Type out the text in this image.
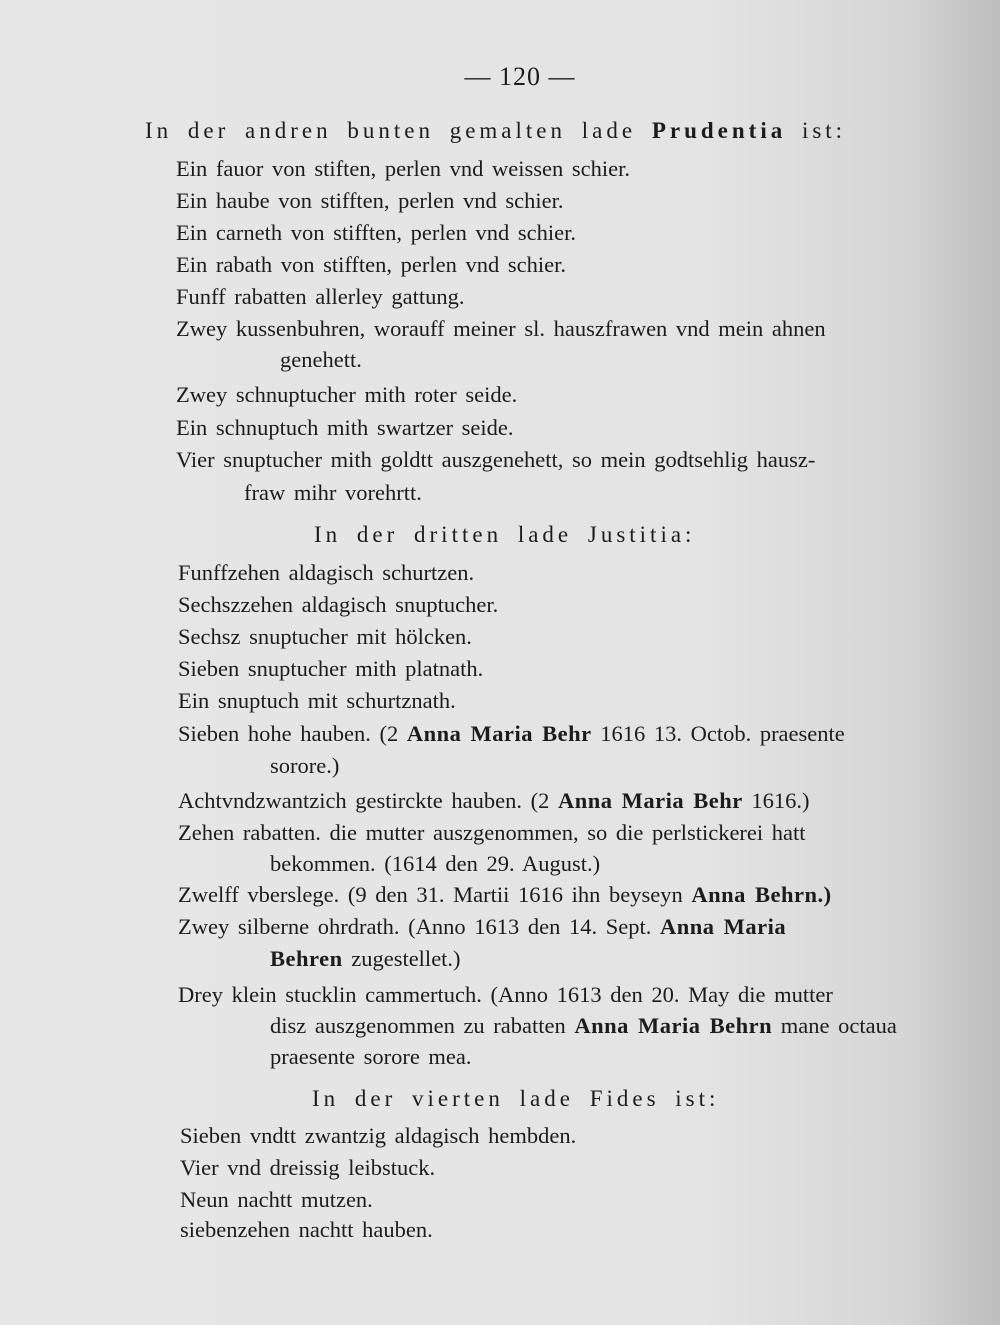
— 120 —
In der andren bunten gemalten lade Prudentia ist:
Ein fauor von stiften, perlen vnd weissen schier.
Ein haube von stifften, perlen vnd schier.
Ein carneth von stifften, perlen vnd schier.
Ein rabath von stifften, perlen vnd schier.
Funff rabatten allerley gattung.
Zwey kussenbuhren, worauff meiner sl. hauszfrawen vnd mein ahnen
genehett.
Zwey schnuptucher mith roter seide.
Ein schnuptuch mith swartzer seide.
Vier snuptucher mith goldtt auszgenehett, so mein godtsehlig hausz-
fraw mihr vorehrtt.
In der dritten lade Justitia:
Funffzehen aldagisch schurtzen.
Sechszzehen aldagisch snuptucher.
Sechsz snuptucher mit hölcken.
Sieben snuptucher mith platnath.
Ein snuptuch mit schurtznath.
Sieben hohe hauben. (2 Anna Maria Behr 1616 13. Octob. praesente
sorore.)
Achtvndzwantzich gestirckte hauben. (2 Anna Maria Behr 1616.)
Zehen rabatten. die mutter auszgenommen, so die perlstickerei hatt
bekommen. (1614 den 29. August.)
Zwelff vberslege. (9 den 31. Martii 1616 ihn beyseyn Anna Behrn.)
Zwey silberne ohrdrath. (Anno 1613 den 14. Sept. Anna Maria
Behren zugestellet.)
Drey klein stucklin cammertuch. (Anno 1613 den 20. May die mutter
disz auszgenommen zu rabatten Anna Maria Behrn mane octaua
praesente sorore mea.
In der vierten lade Fides ist:
Sieben vndtt zwantzig aldagisch hembden.
Vier vnd dreissig leibstuck.
Neun nachtt mutzen.
siebenzehen nachtt hauben.
